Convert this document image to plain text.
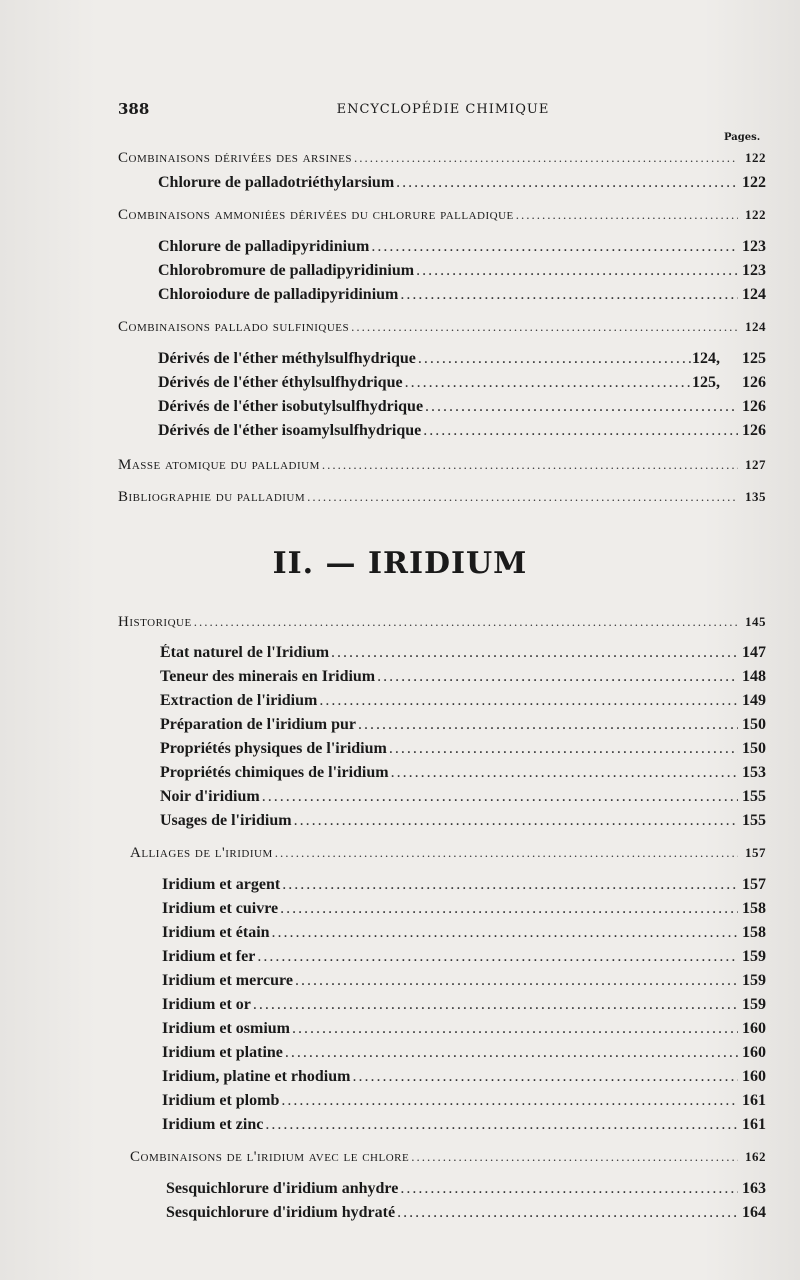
388	ENCYCLOPÉDIE CHIMIQUE
Pages.
II. — IRIDIUM
Combinaisons dérivées des arsines .....	122
Chlorure de palladotriéthylarsium .....	122
Combinaisons ammoniées dérivées du chlorure palladique .....	122
Chlorure de palladipyridinium .....	123
Chlorobromure de palladipyridinium .....	123
Chloroiodure de palladipyridinium .....	124
Combinaisons pallado sulfiniques .....	124
Dérivés de l'éther méthylsulfhydrique .....	124,	125
Dérivés de l'éther éthylsulfhydrique .....	125,	126
Dérivés de l'éther isobutylsulfhydrique .....	126
Dérivés de l'éther isoamylsulfhydrique .....	126
Masse atomique du palladium .....	127
Bibliographie du palladium .....	135
Historique .....	145
État naturel de l'Iridium .....	147
Teneur des minerais en Iridium .....	148
Extraction de l'iridium .....	149
Préparation de l'iridium pur .....	150
Propriétés physiques de l'iridium .....	150
Propriétés chimiques de l'iridium .....	153
Noir d'iridium .....	155
Usages de l'iridium .....	155
Alliages de l'iridium .....	157
Iridium et argent .....	157
Iridium et cuivre .....	158
Iridium et étain .....	158
Iridium et fer .....	159
Iridium et mercure .....	159
Iridium et or .....	159
Iridium et osmium .....	160
Iridium et platine .....	160
Iridium, platine et rhodium .....	160
Iridium et plomb .....	161
Iridium et zinc .....	161
Combinaisons de l'iridium avec le chlore .....	162
Sesquichlorure d'iridium anhydre .....	163
Sesquichlorure d'iridium hydraté .....	164
